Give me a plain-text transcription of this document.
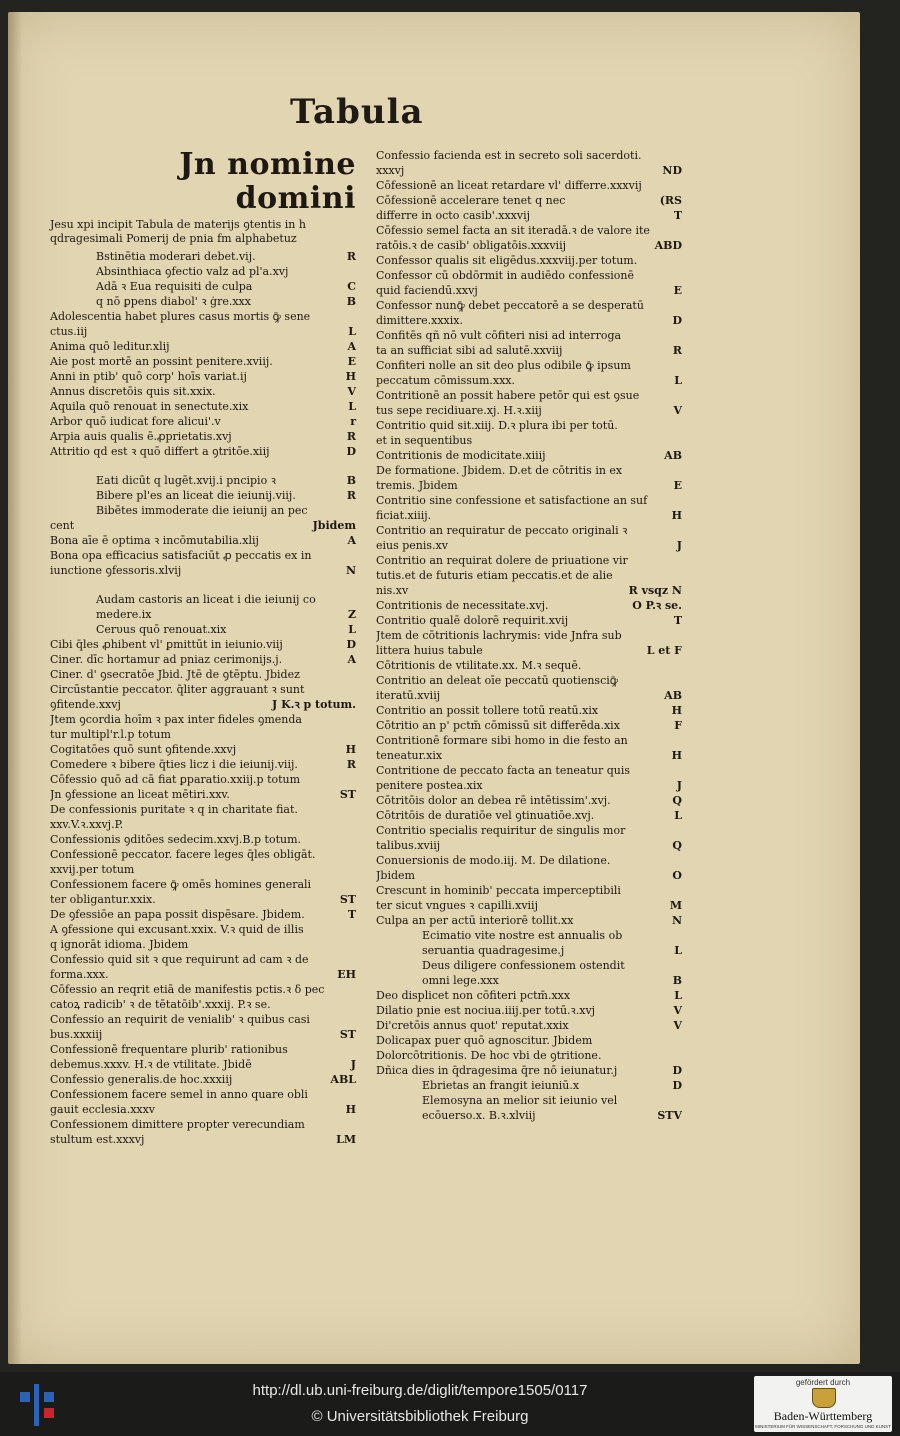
Tabula
Jn nomine domini
Jesu xpi incipit Tabula de materijs ꝯtentis in h qdragesimali Pomerij de pnia fm alphabetuz
Bstinētia moderari debet.vij.	R
Absinthiaca ꝯfectio valz ad pl'a.xvj
Adā ꝛ Eua requisiti de culpa	C
q nō ꝑpens diabol' ꝛ ġre.xxx	B
Adolescentia habet plures casus mortis ꝙ̄ sene
ctus.iij	L
Anima quō leditur.xlij	A
Aie post mortē an possint penitere.xviij.	E
Anni in ptib' quō corp' hoīs variat.ij	H
Annus discretōis quis sit.xxix.	V
Aquila quō renouat in senectute.xix	L
Arbor quō iudicat fore alicui'.v	r
Arpia auis qualis ē.ꝓprietatis.xvj	R
Attritio qd est ꝛ quō differt a ꝯtritōe.xiij	D
Eati dicūt q lugēt.xvij.i pncipio ꝛ	B
Bibere pl'es an liceat die ieiunij.viij.	R
Bibētes immoderate die ieiunij an pec
cent	Jbidem
Bona aīe ē optima ꝛ incōmutabilia.xlij	A
Bona opa efficacius satisfaciūt ꝓ peccatis ex in
iunctione ꝯfessoris.xlvij	N
Audam castoris an liceat i die ieiunij co
medere.ix	Z
Cerυus quō renouat.xix	L
Cibi q̄les ꝓhibent vl' ꝑmittūt in ieiunio.viij	D
Ciner. dīc hortamur ad pniaz cerimonijs.j.	A
Ciner. d' ꝯsecratōe Jbid. Jtē de ꝯtēptu. Jbidez
Circūstantie peccator. q̄liter aggrauant ꝛ sunt
ꝯfitende.xxvj	J K.ꝛ p totum.
Jtem ꝯcordia hoīm ꝛ pax inter fideles ꝯmenda
tur multipl'r.l.p totum
Cogitatōes quō sunt ꝯfitende.xxvj	H
Comedere ꝛ bibere q̄ties licz i die ieiunij.viij.	R
Cōfessio quō ad cā fiat ꝑparatio.xxiij.p totum
Jn ꝯfessione an liceat mētiri.xxv.	ST
De confessionis puritate ꝛ q in charitate fiat.
xxv.V.ꝛ.xxvj.P.
Confessionis ꝯditōes sedecim.xxvj.B.p totum.
Confessionē peccator. facere leges q̄les obligāt.
xxvij.per totum
Confessionem facere ꝙ̄ omēs homines generali
ter obligantur.xxix.	ST
De ꝯfessiōe an papa possit dispēsare. Jbidem.	T
A ꝯfessione qui excusant.xxix. V.ꝛ quid de illis
q ignorāt idioma. Jbidem
Confessio quid sit ꝛ que requirunt ad cam ꝛ de
forma.xxx.	EH
Cōfessio an reqrit etiā de manifestis pctis.ꝛ δ pec
catoꝝ radicib' ꝛ de tētatōib'.xxxij. P.ꝛ se.
Confessio an requirit de venialib' ꝛ quibus casi
bus.xxxiij	ST
Confessionē frequentare plurib' rationibus
debemus.xxxv. H.ꝛ de vtilitate. Jbidē	J
Confessio generalis.de hoc.xxxiij	ABL
Confessionem facere semel in anno quare obli
gauit ecclesia.xxxv	H
Confessionem dimittere propter verecundiam
stultum est.xxxvj	LM
Confessio facienda est in secreto soli sacerdoti.
xxxvj	ND
Cōfessionē an liceat retardare vl' differre.xxxvij
Cōfessionē accelerare tenet q nec	(RS
differre in octo casib'.xxxvij	T
Cōfessio semel facta an sit iteradā.ꝛ de valore ite
ratōis.ꝛ de casib' obligatōis.xxxviij	ABD
Confessor qualis sit eligēdus.xxxviij.per totum.
Confessor cū obdōrmit in audiēdo confessionē
quid faciendū.xxvj	E
Confessor nunꝙ̄ debet peccatorē a se desperatū
dimittere.xxxix.	D
Confitēs qñ nō vult cōfiteri nisi ad interroga
ta an sufficiat sibi ad salutē.xxviij	R
Confiteri nolle an sit deo plus odibile ꝙ̄ ipsum
peccatum cōmissum.xxx.	L
Contritionē an possit habere petōr qui est ꝯsue
tus sepe recidiuare.xj. H.ꝛ.xiij	V
Contritio quid sit.xiij. D.ꝛ plura ibi per totū.
et in sequentibus
Contritionis de modicitate.xiiij	AB
De formatione. Jbidem. D.et de cōtritis in ex
tremis. Jbidem	E
Contritio sine confessione et satisfactione an suf
ficiat.xiiij.	H
Contritio an requiratur de peccato originali ꝛ
eius penis.xv	J
Contritio an requirat dolere de priuatione vir
tutis.et de futuris etiam peccatis.et de alie
nis.xv	R vsqz N
Contritionis de necessitate.xvj.	O P.ꝛ se.
Contritio qualē dolorē requirit.xvij	T
Jtem de cōtritionis lachrymis: vide Jnfra sub
littera huius tabule	L et F
Cōtritionis de vtilitate.xx. M.ꝛ sequē.
Contritio an deleat oīe peccatū quotiensciꝙ̄
iteratū.xviij	AB
Contritio an possit tollere totū reatū.xix	H
Cōtritio an p' pctm̄ cōmissū sit differēda.xix	F
Contritionē formare sibi homo in die festo an
teneatur.xix	H
Contritione de peccato facta an teneatur quis
penitere postea.xix	J
Cōtritōis dolor an debea rē intētissim'.xvj.	Q
Cōtritōis de duratiōe vel ꝯtinuatiōe.xvj.	L
Contritio specialis requiritur de singulis mor
talibus.xviij	Q
Conuersionis de modo.iij. M. De dilatione.
Jbidem	O
Crescunt in hominib' peccata imperceptibili
ter sicut vngues ꝛ capilli.xviij	M
Culpa an per actū interiorē tollit.xx	N
Ecimatio vite nostre est annualis ob
seruantia quadragesime.j	L
Deus diligere confessionem ostendit
omni lege.xxx	B
Deo displicet non cōfiteri pctm̄.xxx	L
Dilatio pnie est nociua.iiij.per totū.ꝛ.xvj	V
Di'cretōis annus quot' reputat.xxix	V
Dolicapax puer quō agnoscitur. Jbidem
Dolorcōtritionis. De hoc vbi de ꝯtritione.
Dñica dies in q̄dragesima q̄re nō ieiunatur.j	D
Ebrietas an frangit ieiuniū.x	D
Elemosyna an melior sit ieiunio vel
ecōuerso.x. B.ꝛ.xlviij	STV
http://dl.ub.uni-freiburg.de/diglit/tempore1505/0117
© Universitätsbibliothek Freiburg
gefördert durch
Baden-Württemberg
MINISTERIUM FÜR WISSENSCHAFT, FORSCHUNG UND KUNST
